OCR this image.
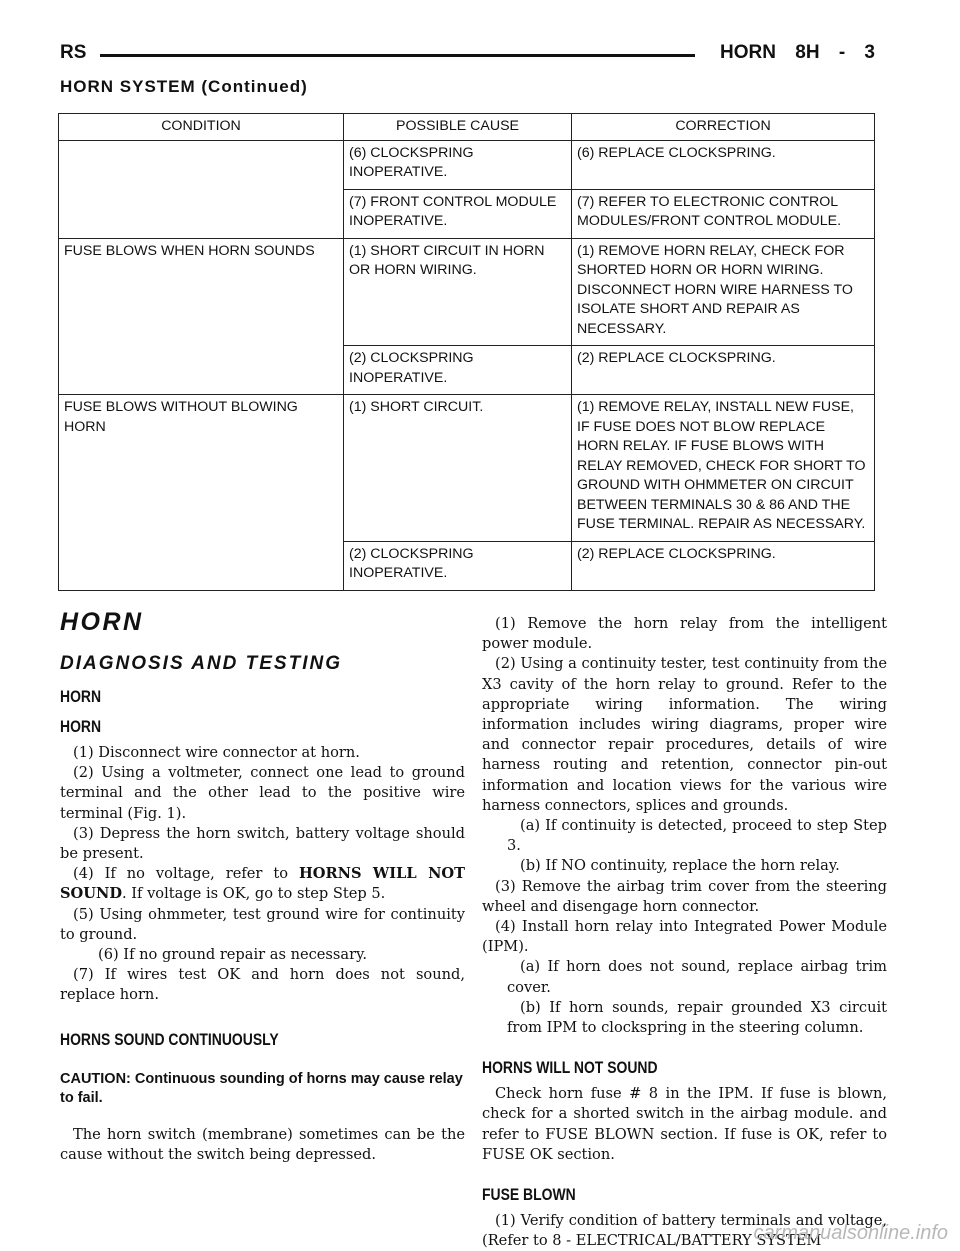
RS	HORN 8H - 3
HORN SYSTEM (Continued)
CONDITION	POSSIBLE CAUSE	CORRECTION
	(6) CLOCKSPRING INOPERATIVE.	(6) REPLACE CLOCKSPRING.
	(7) FRONT CONTROL MODULE INOPERATIVE.	(7) REFER TO ELECTRONIC CONTROL MODULES/FRONT CONTROL MODULE.
FUSE BLOWS WHEN HORN SOUNDS	(1) SHORT CIRCUIT IN HORN OR HORN WIRING.	(1) REMOVE HORN RELAY, CHECK FOR SHORTED HORN OR HORN WIRING. DISCONNECT HORN WIRE HARNESS TO ISOLATE SHORT AND REPAIR AS NECESSARY.
	(2) CLOCKSPRING INOPERATIVE.	(2) REPLACE CLOCKSPRING.
FUSE BLOWS WITHOUT BLOWING HORN	(1) SHORT CIRCUIT.	(1) REMOVE RELAY, INSTALL NEW FUSE, IF FUSE DOES NOT BLOW REPLACE HORN RELAY. IF FUSE BLOWS WITH RELAY REMOVED, CHECK FOR SHORT TO GROUND WITH OHMMETER ON CIRCUIT BETWEEN TERMINALS 30 & 86 AND THE FUSE TERMINAL. REPAIR AS NECESSARY.
	(2) CLOCKSPRING INOPERATIVE.	(2) REPLACE CLOCKSPRING.
HORN
DIAGNOSIS AND TESTING
HORN
HORN

(1) Disconnect wire connector at horn.

(2) Using a voltmeter, connect one lead to ground terminal and the other lead to the positive wire terminal (Fig. 1).

(3) Depress the horn switch, battery voltage should be present.

(4) If no voltage, refer to HORNS WILL NOT SOUND. If voltage is OK, go to step Step 5.

(5) Using ohmmeter, test ground wire for continuity to ground.

(6) If no ground repair as necessary.

(7) If wires test OK and horn does not sound, replace horn.

HORNS SOUND CONTINUOUSLY

CAUTION: Continuous sounding of horns may cause relay to fail.

The horn switch (membrane) sometimes can be the cause without the switch being depressed.

(1) Remove the horn relay from the intelligent power module.

(2) Using a continuity tester, test continuity from the X3 cavity of the horn relay to ground. Refer to the appropriate wiring information. The wiring information includes wiring diagrams, proper wire and connector repair procedures, details of wire harness routing and retention, connector pin-out information and location views for the various wire harness connectors, splices and grounds.

(a) If continuity is detected, proceed to step Step 3.

(b) If NO continuity, replace the horn relay.

(3) Remove the airbag trim cover from the steering wheel and disengage horn connector.

(4) Install horn relay into Integrated Power Module (IPM).

(a) If horn does not sound, replace airbag trim cover.

(b) If horn sounds, repair grounded X3 circuit from IPM to clockspring in the steering column.

HORNS WILL NOT SOUND

Check horn fuse # 8 in the IPM. If fuse is blown, check for a shorted switch in the airbag module. and refer to FUSE BLOWN section. If fuse is OK, refer to FUSE OK section.

FUSE BLOWN

(1) Verify condition of battery terminals and voltage, (Refer to 8 - ELECTRICAL/BATTERY SYSTEM

carmanualsonline.info
